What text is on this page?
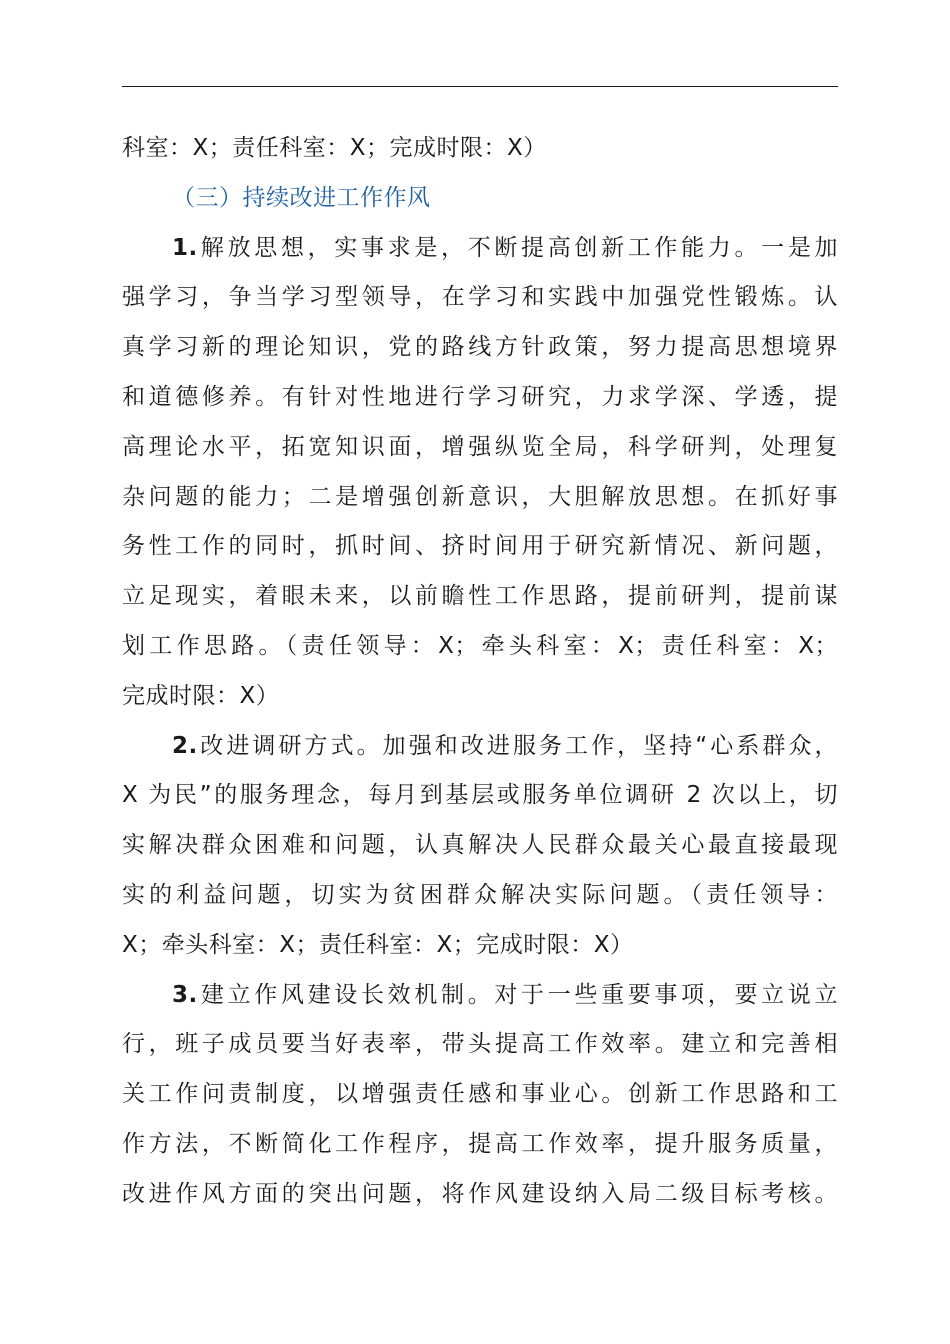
科室：X；责任科室：X；完成时限：X）
（三）持续改进工作作风
1.解放思想，实事求是，不断提高创新工作能力。一是加
强学习，争当学习型领导，在学习和实践中加强党性锻炼。认
真学习新的理论知识，党的路线方针政策，努力提高思想境界
和道德修养。有针对性地进行学习研究，力求学深、学透，提
高理论水平，拓宽知识面，增强纵览全局，科学研判，处理复
杂问题的能力；二是增强创新意识，大胆解放思想。在抓好事
务性工作的同时，抓时间、挤时间用于研究新情况、新问题，
立足现实，着眼未来，以前瞻性工作思路，提前研判，提前谋
划工作思路。（责任领导：X；牵头科室：X；责任科室：X；
完成时限：X）
2.改进调研方式。加强和改进服务工作，坚持“心系群众，
X 为民”的服务理念，每月到基层或服务单位调研 2 次以上，切
实解决群众困难和问题，认真解决人民群众最关心最直接最现
实的利益问题，切实为贫困群众解决实际问题。（责任领导：
X；牵头科室：X；责任科室：X；完成时限：X）
3.建立作风建设长效机制。对于一些重要事项，要立说立
行，班子成员要当好表率，带头提高工作效率。建立和完善相
关工作问责制度，以增强责任感和事业心。创新工作思路和工
作方法，不断简化工作程序，提高工作效率，提升服务质量，
改进作风方面的突出问题，将作风建设纳入局二级目标考核。
